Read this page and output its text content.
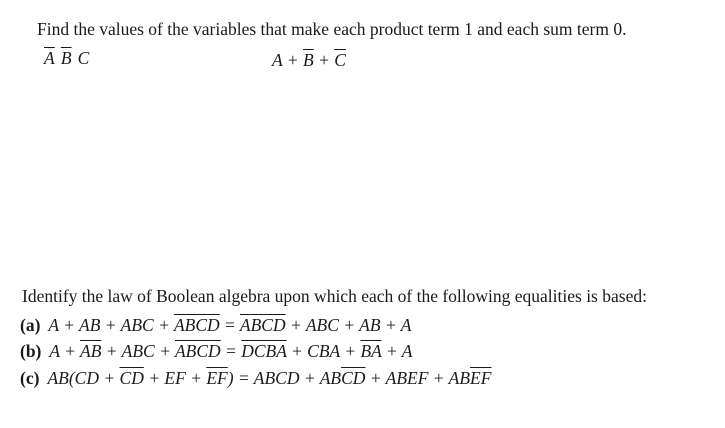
Find the values of the variables that make each product term 1 and each sum term 0.
$\overline{A}$ $\overline{B}$ C	$A + \overline{B} + \overline{C}$
Identify the law of Boolean algebra upon which each of the following equalities is based:
(a) A + AB + ABC + ABCD = ABCD + ABC + AB + A
(b) $A + \overline{AB}$ + ABC + ABCD = DCBA + CBA + $\overline{BA} + A$
(c) $AB(CD + \overline{CD}$ + EF + $\overline{EF}$) = ABCD + $AB\overline{CD}$ + ABEF + $AB\overline{EF}$
